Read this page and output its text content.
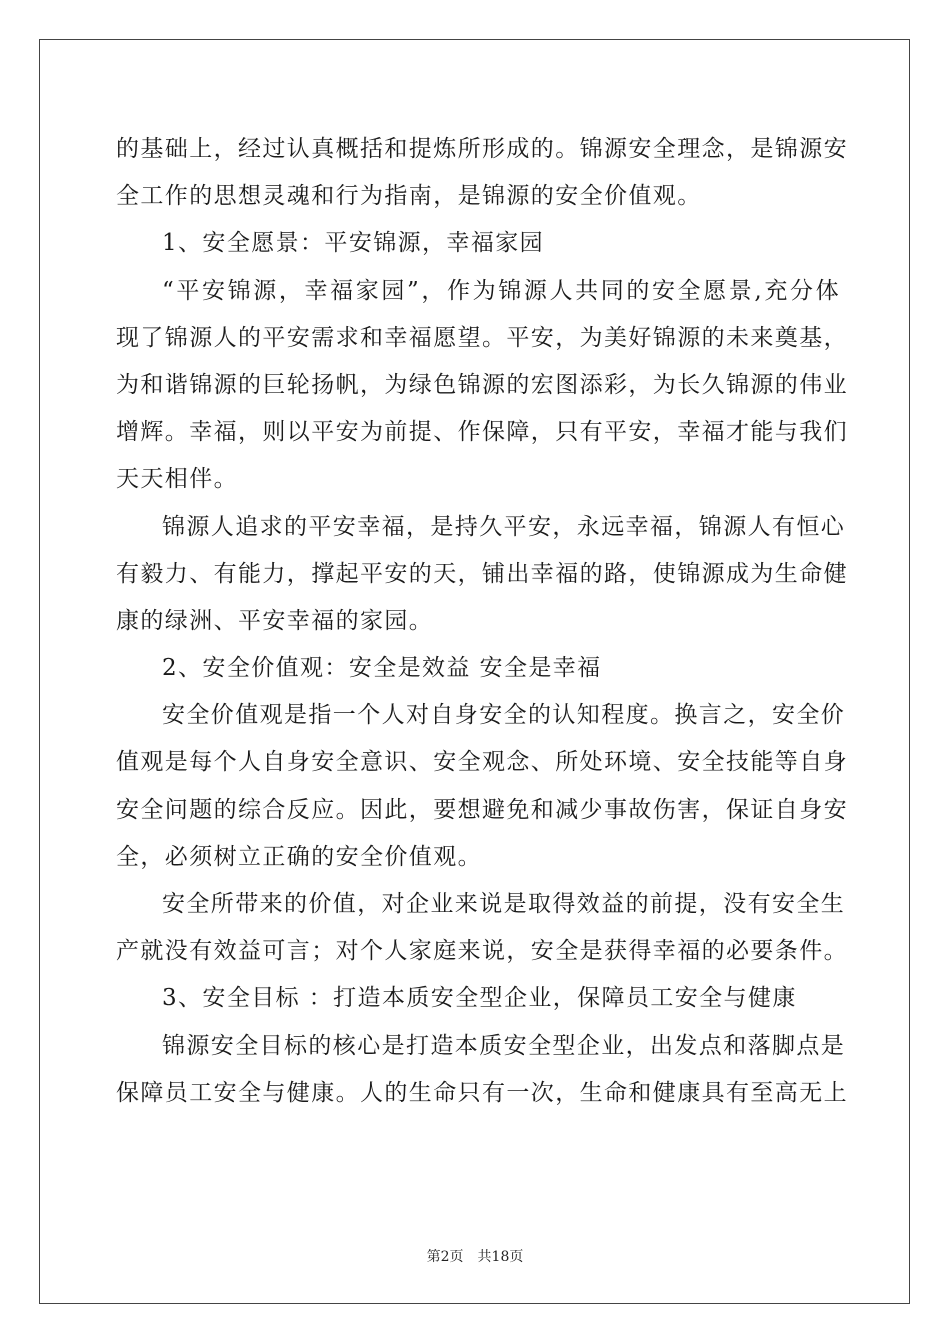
的基础上，经过认真概括和提炼所形成的。锦源安全理念，是锦源安
全工作的思想灵魂和行为指南，是锦源的安全价值观。
1、安全愿景：平安锦源，幸福家园
“平安锦源，幸福家园”，作为锦源人共同的安全愿景,充分体
现了锦源人的平安需求和幸福愿望。平安，为美好锦源的未来奠基，
为和谐锦源的巨轮扬帆，为绿色锦源的宏图添彩，为长久锦源的伟业
增辉。幸福，则以平安为前提、作保障，只有平安，幸福才能与我们
天天相伴。
锦源人追求的平安幸福，是持久平安，永远幸福，锦源人有恒心
有毅力、有能力，撑起平安的天，铺出幸福的路，使锦源成为生命健
康的绿洲、平安幸福的家园。
2、安全价值观：安全是效益 安全是幸福
安全价值观是指一个人对自身安全的认知程度。换言之，安全价
值观是每个人自身安全意识、安全观念、所处环境、安全技能等自身
安全问题的综合反应。因此，要想避免和减少事故伤害，保证自身安
全，必须树立正确的安全价值观。
安全所带来的价值，对企业来说是取得效益的前提，没有安全生
产就没有效益可言；对个人家庭来说，安全是获得幸福的必要条件。
3、安全目标 ：打造本质安全型企业，保障员工安全与健康
锦源安全目标的核心是打造本质安全型企业，出发点和落脚点是
保障员工安全与健康。人的生命只有一次，生命和健康具有至高无上
第2页　共18页
